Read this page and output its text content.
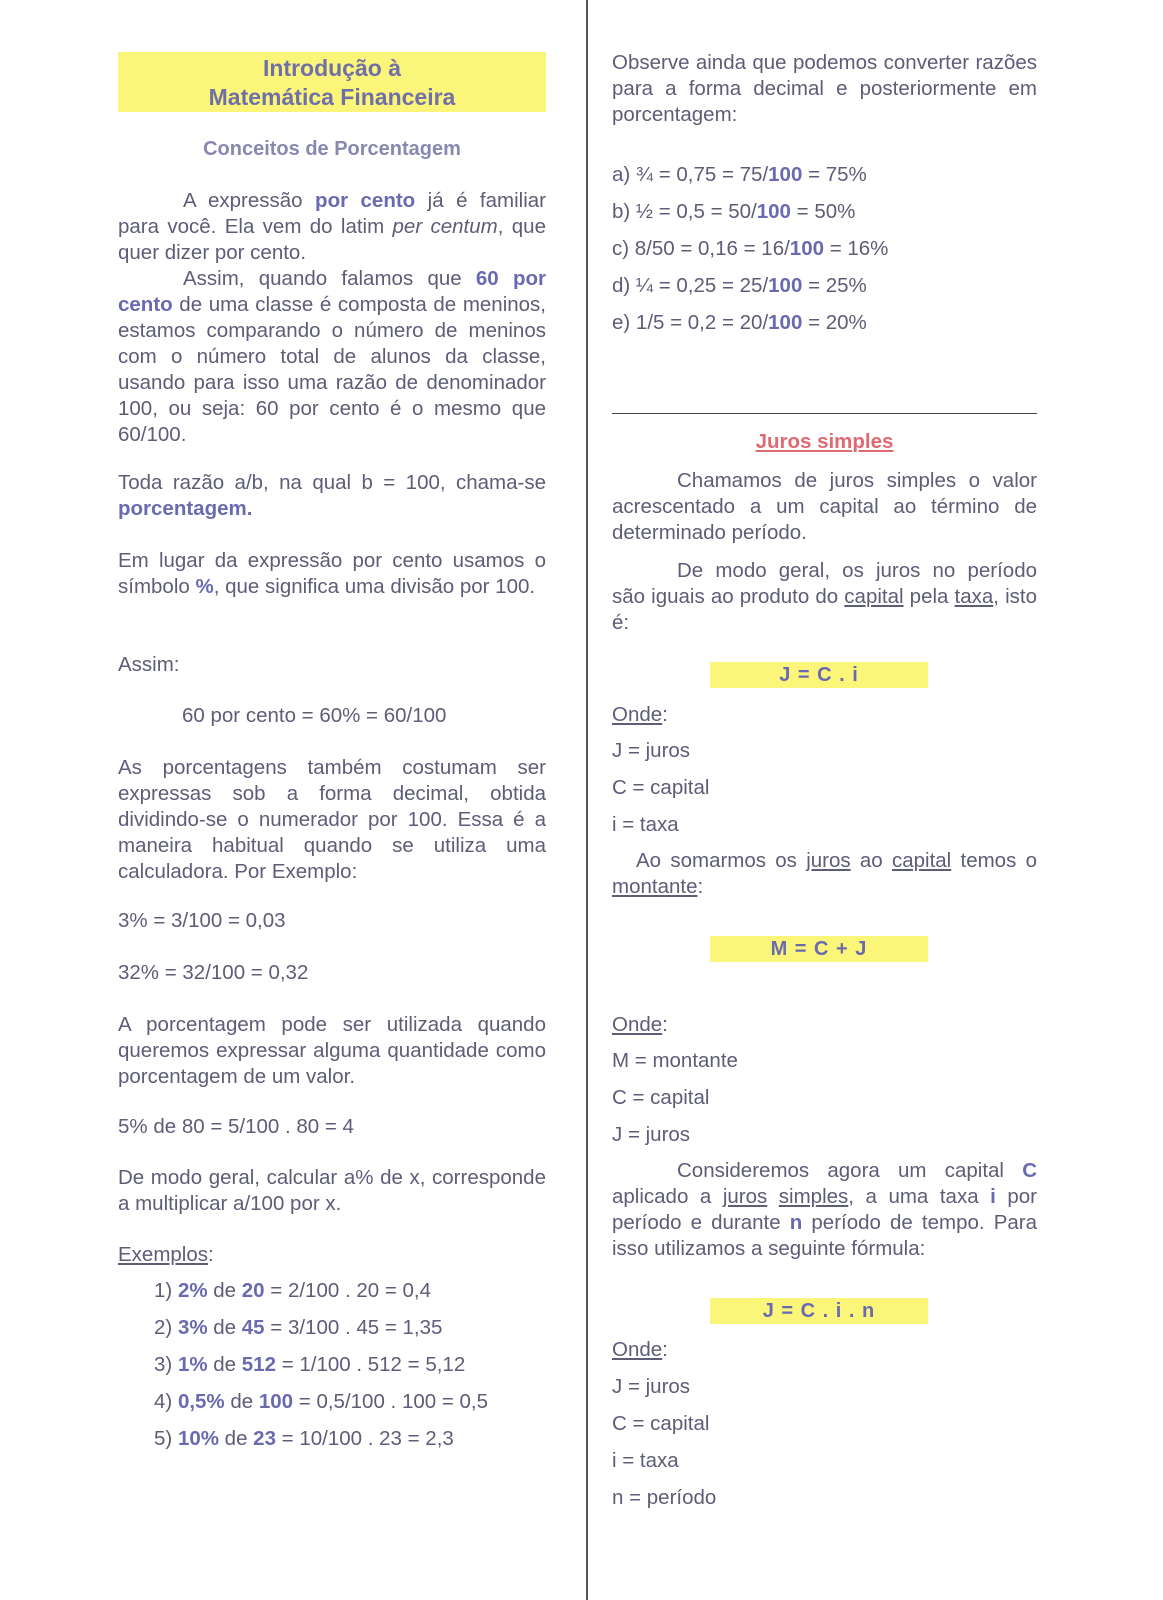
Introdução à
Matemática Financeira
Conceitos de Porcentagem
A expressão por cento já é familiar para você. Ela vem do latim per centum, que quer dizer por cento.
Assim, quando falamos que 60 por cento de uma classe é composta de meninos, estamos comparando o número de meninos com o número total de alunos da classe, usando para isso uma razão de denominador 100, ou seja: 60 por cento é o mesmo que 60/100.
Toda razão a/b, na qual b = 100, chama-se porcentagem.
Em lugar da expressão por cento usamos o símbolo %, que significa uma divisão por 100.
Assim:
60 por cento = 60% = 60/100
As porcentagens também costumam ser expressas sob a forma decimal, obtida dividindo-se o numerador por 100. Essa é a maneira habitual quando se utiliza uma calculadora. Por Exemplo:
3% = 3/100 = 0,03
32% = 32/100 = 0,32
A porcentagem pode ser utilizada quando queremos expressar alguma quantidade como porcentagem de um valor.
5% de 80 = 5/100 . 80 = 4
De modo geral, calcular a% de x, corresponde a multiplicar a/100 por x.
Exemplos:
1) 2% de 20 = 2/100 . 20 = 0,4
2) 3% de 45 = 3/100 . 45 = 1,35
3) 1% de 512 = 1/100 . 512 = 5,12
4) 0,5% de 100 = 0,5/100 . 100 = 0,5
5) 10% de 23 = 10/100 . 23 = 2,3
Observe ainda que podemos converter razões para a forma decimal e posteriormente em porcentagem:
a) ¾ = 0,75 = 75/100 = 75%
b) ½ = 0,5 = 50/100 = 50%
c) 8/50 = 0,16 = 16/100 = 16%
d) ¼ = 0,25 = 25/100 = 25%
e) 1/5 = 0,2 = 20/100 = 20%
Juros simples
Chamamos de juros simples o valor acrescentado a um capital ao término de determinado período.
De modo geral, os juros no período são iguais ao produto do capital pela taxa, isto é:
J = C . i
Onde:
J = juros
C = capital
i = taxa
Ao somarmos os juros ao capital temos o montante:
M = C + J
Onde:
M = montante
C = capital
J = juros
Consideremos agora um capital C aplicado a juros simples, a uma taxa i por período e durante n período de tempo. Para isso utilizamos a seguinte fórmula:
J = C . i . n
Onde:
J = juros
C = capital
i = taxa
n = período
